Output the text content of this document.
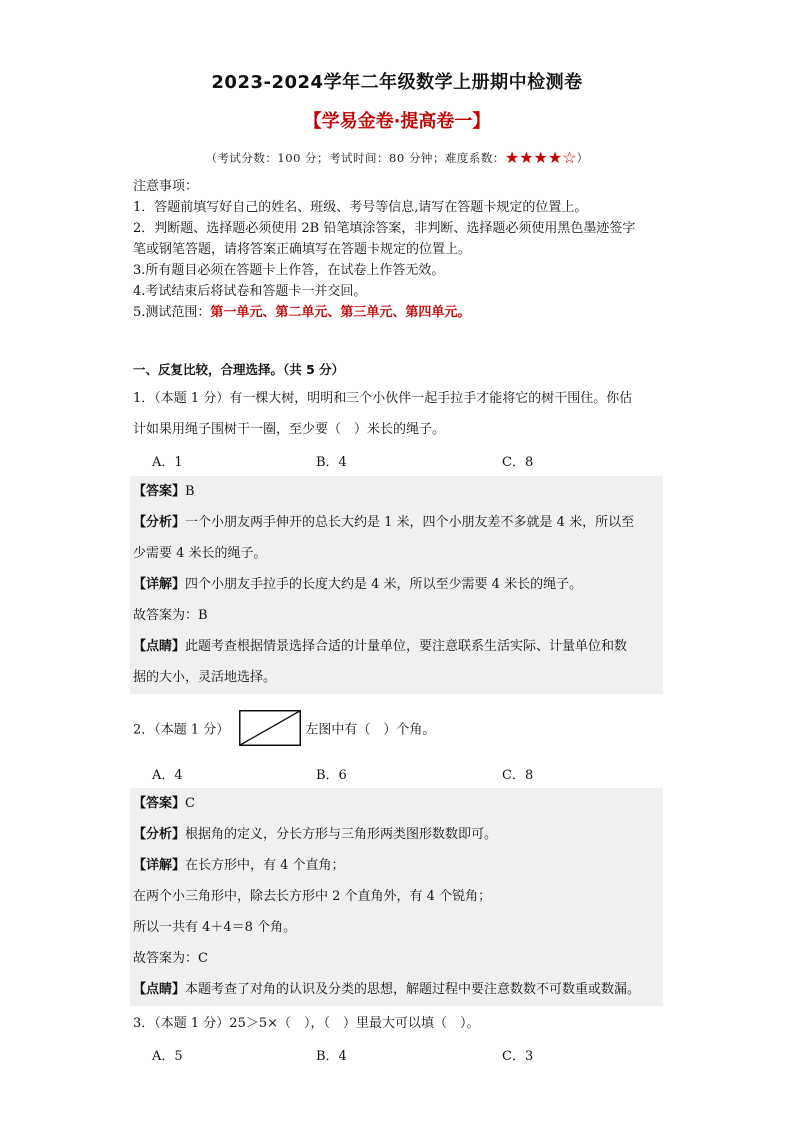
2023-2024学年二年级数学上册期中检测卷
【学易金卷·提高卷一】
（考试分数：100 分；考试时间：80 分钟；难度系数：★★★★☆）
注意事项：
1．答题前填写好自己的姓名、班级、考号等信息,请写在答题卡规定的位置上。
2．判断题、选择题必须使用 2B 铅笔填涂答案，非判断、选择题必须使用黑色墨迹签字
笔或钢笔答题，请将答案正确填写在答题卡规定的位置上。
3.所有题目必须在答题卡上作答，在试卷上作答无效。
4.考试结束后将试卷和答题卡一并交回。
5.测试范围：第一单元、第二单元、第三单元、第四单元。
一、反复比较，合理选择。（共 5 分）
1．（本题 1 分）有一棵大树，明明和三个小伙伴一起手拉手才能将它的树干围住。你估
计如果用绳子围树干一圈，至少要（　）米长的绳子。
A．1	B．4	C．8
【答案】B
【分析】一个小朋友两手伸开的总长大约是 1 米，四个小朋友差不多就是 4 米，所以至
少需要 4 米长的绳子。
【详解】四个小朋友手拉手的长度大约是 4 米，所以至少需要 4 米长的绳子。
故答案为：B
【点睛】此题考查根据情景选择合适的计量单位，要注意联系生活实际、计量单位和数
据的大小，灵活地选择。
2．（本题 1 分）	左图中有（　）个角。
A．4	B．6	C．8
【答案】C
【分析】根据角的定义，分长方形与三角形两类图形数数即可。
【详解】在长方形中，有 4 个直角；
在两个小三角形中，除去长方形中 2 个直角外，有 4 个锐角；
所以一共有 4＋4＝8 个角。
故答案为：C
【点睛】本题考查了对角的认识及分类的思想，解题过程中要注意数数不可数重或数漏。
3．（本题 1 分）25＞5×（　），（　）里最大可以填（　）。
A．5	B．4	C．3
